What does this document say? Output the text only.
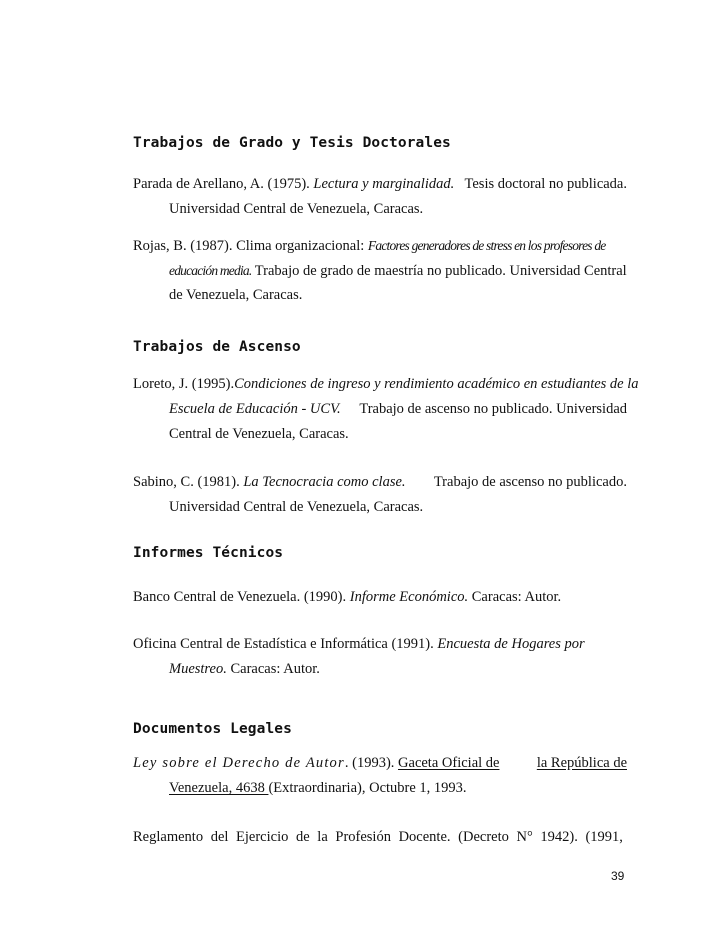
Trabajos de Grado y Tesis Doctorales
Parada de Arellano, A. (1975). Lectura y marginalidad. Tesis doctoral no publicada.
Universidad Central de Venezuela, Caracas.
Rojas, B. (1987). Clima organizacional: Factores generadores de stress en los profesores de
educación media. Trabajo de grado de maestría no publicado. Universidad Central
de Venezuela, Caracas.
Trabajos de Ascenso
Loreto, J. (1995). Condiciones de ingreso y rendimiento académico en estudiantes de la
Escuela de Educación - UCV. Trabajo de ascenso no publicado. Universidad
Central de Venezuela, Caracas.
Sabino, C. (1981). La Tecnocracia como clase. Trabajo de ascenso no publicado.
Universidad Central de Venezuela, Caracas.
Informes Técnicos
Banco Central de Venezuela. (1990). Informe Económico. Caracas: Autor.
Oficina Central de Estadística e Informática (1991). Encuesta de Hogares por
Muestreo. Caracas: Autor.
Documentos Legales
Ley sobre el Derecho de Autor. (1993). Gaceta Oficial de	la República de
Venezuela, 4638 (Extraordinaria), Octubre 1, 1993.
Reglamento del Ejercicio de la Profesión Docente. (Decreto N° 1942). (1991,
39
